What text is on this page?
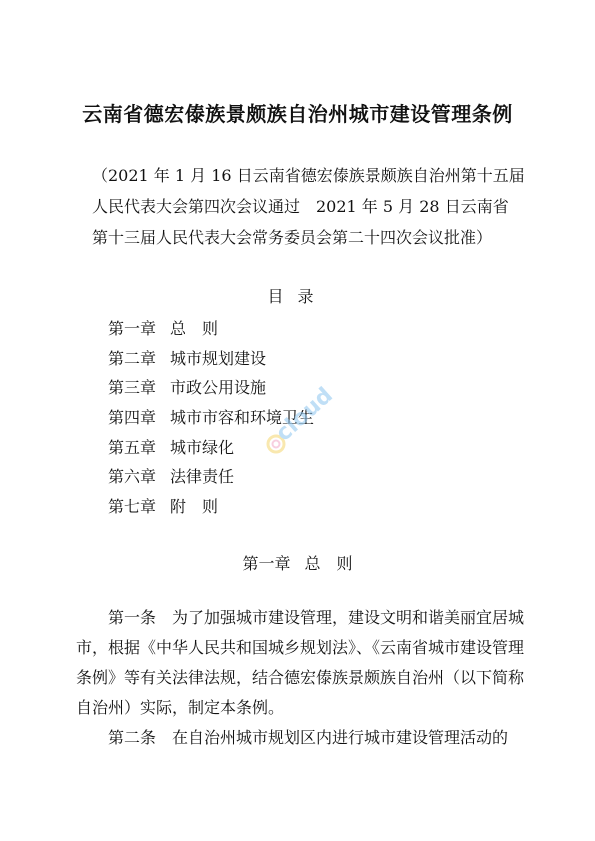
云南省德宏傣族景颇族自治州城市建设管理条例
（2021 年 1 月 16 日云南省德宏傣族景颇族自治州第十五届
人民代表大会第四次会议通过　2021 年 5 月 28 日云南省
第十三届人民代表大会常务委员会第二十四次会议批准）
目录
第一章 总　则
第二章 城市规划建设
第三章 市政公用设施
第四章 城市市容和环境卫生
第五章 城市绿化
第六章 法律责任
第七章 附　则
第一章 总　则
第一条　为了加强城市建设管理，建设文明和谐美丽宜居城
市，根据《中华人民共和国城乡规划法》、《云南省城市建设管理
条例》等有关法律法规，结合德宏傣族景颇族自治州（以下简称
自治州）实际，制定本条例。
第二条　在自治州城市规划区内进行城市建设管理活动的
cloud
